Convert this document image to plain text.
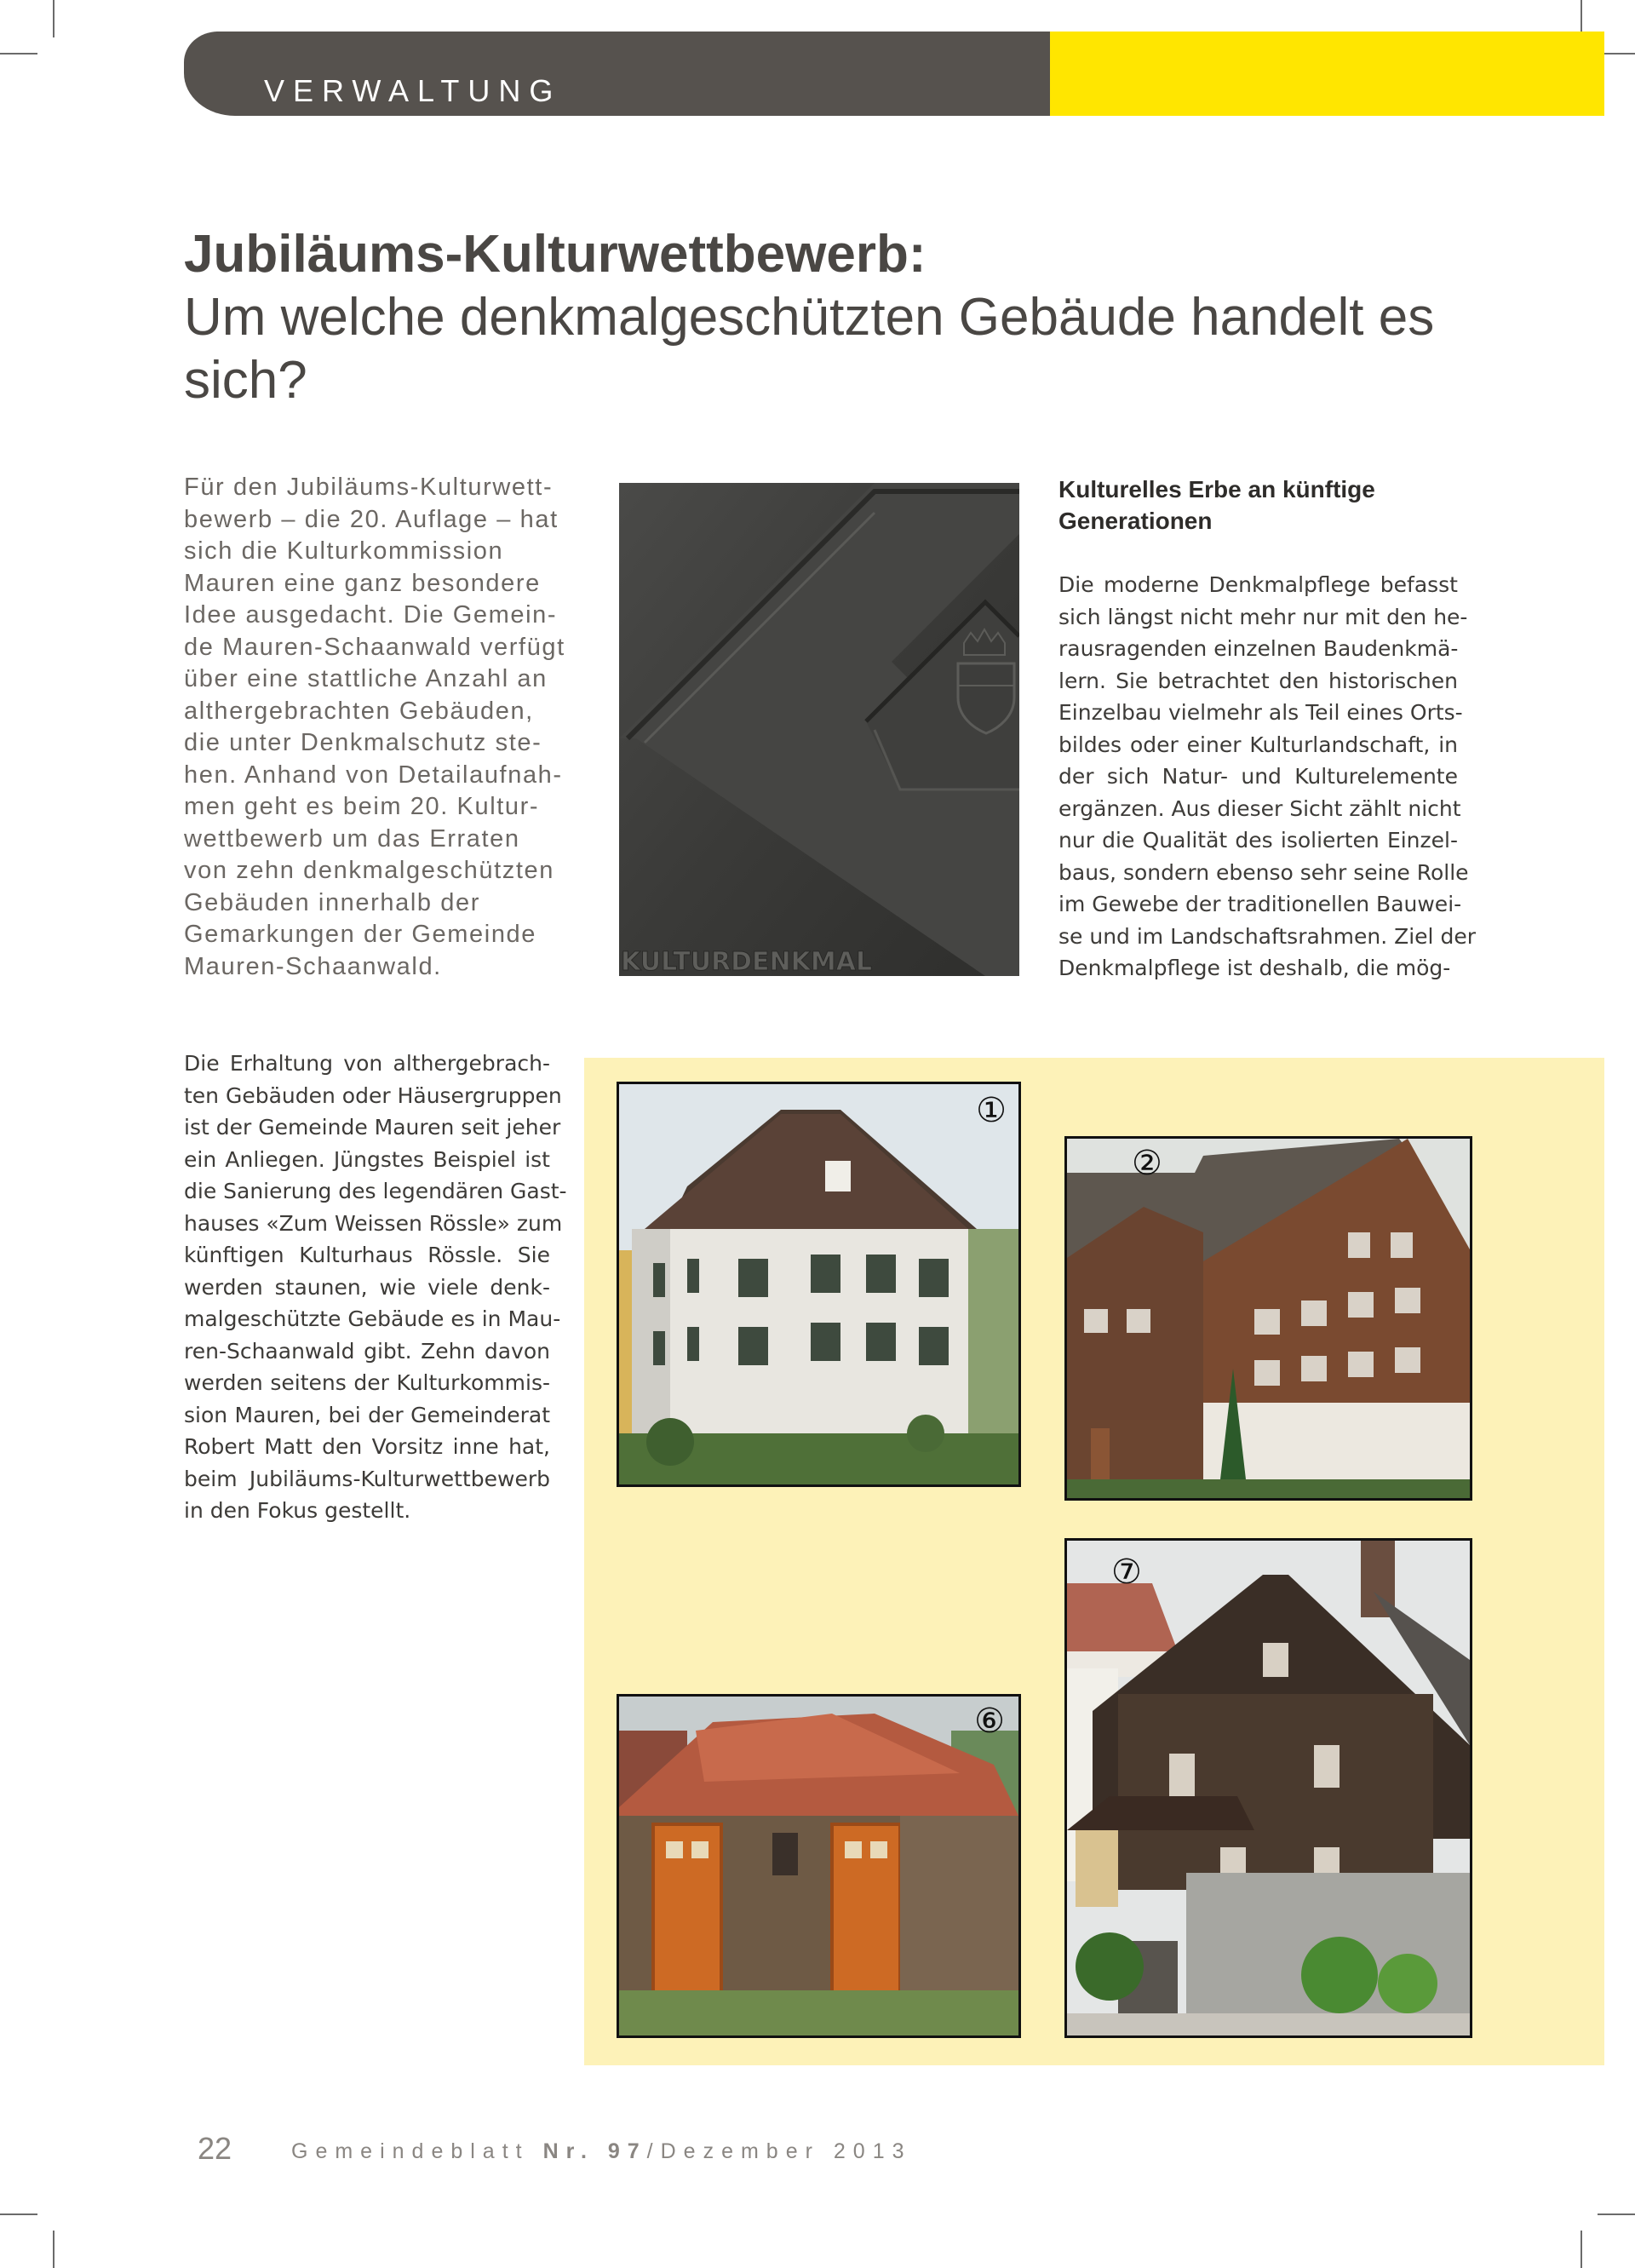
VERWALTUNG
Jubiläums-Kulturwettbewerb:
Um welche denkmalgeschützten Gebäude handelt es sich?
Für den Jubiläums-Kulturwett-
bewerb – die 20. Auflage – hat
sich die Kulturkommission
Mauren eine ganz besondere
Idee ausgedacht. Die Gemein-
de Mauren-Schaanwald verfügt
über eine stattliche Anzahl an
althergebrachten Gebäuden,
die unter Denkmalschutz ste-
hen. Anhand von Detailaufnah-
men geht es beim 20. Kultur-
wettbewerb um das Erraten
von zehn denkmalgeschützten
Gebäuden innerhalb der
Gemarkungen der Gemeinde
Mauren-Schaanwald.	KULTURDENKMAL
Kulturelles Erbe an künftige Generationen
Die moderne Denkmalpflege befasst
sich längst nicht mehr nur mit den he-
rausragenden einzelnen Baudenkmä-
lern. Sie betrachtet den historischen
Einzelbau vielmehr als Teil eines Orts-
bildes oder einer Kulturlandschaft, in
der sich Natur- und Kulturelemente
ergänzen. Aus dieser Sicht zählt nicht
nur die Qualität des isolierten Einzel-
baus, sondern ebenso sehr seine Rolle
im Gewebe der traditionellen Bauwei-
se und im Landschaftsrahmen. Ziel der
Denkmalpflege ist deshalb, die mög-
Die Erhaltung von althergebrach-
ten Gebäuden oder Häusergruppen
ist der Gemeinde Mauren seit jeher
ein Anliegen. Jüngstes Beispiel ist
die Sanierung des legendären Gast-
hauses «Zum Weissen Rössle» zum
künftigen Kulturhaus Rössle. Sie
werden staunen, wie viele denk-
malgeschützte Gebäude es in Mau-
ren-Schaanwald gibt. Zehn davon
werden seitens der Kulturkommis-
sion Mauren, bei der Gemeinderat
Robert Matt den Vorsitz inne hat,
beim Jubiläums-Kulturwettbewerb
in den Fokus gestellt.
①
②
⑦
⑥
22	Gemeindeblatt Nr. 97/Dezember 2013
